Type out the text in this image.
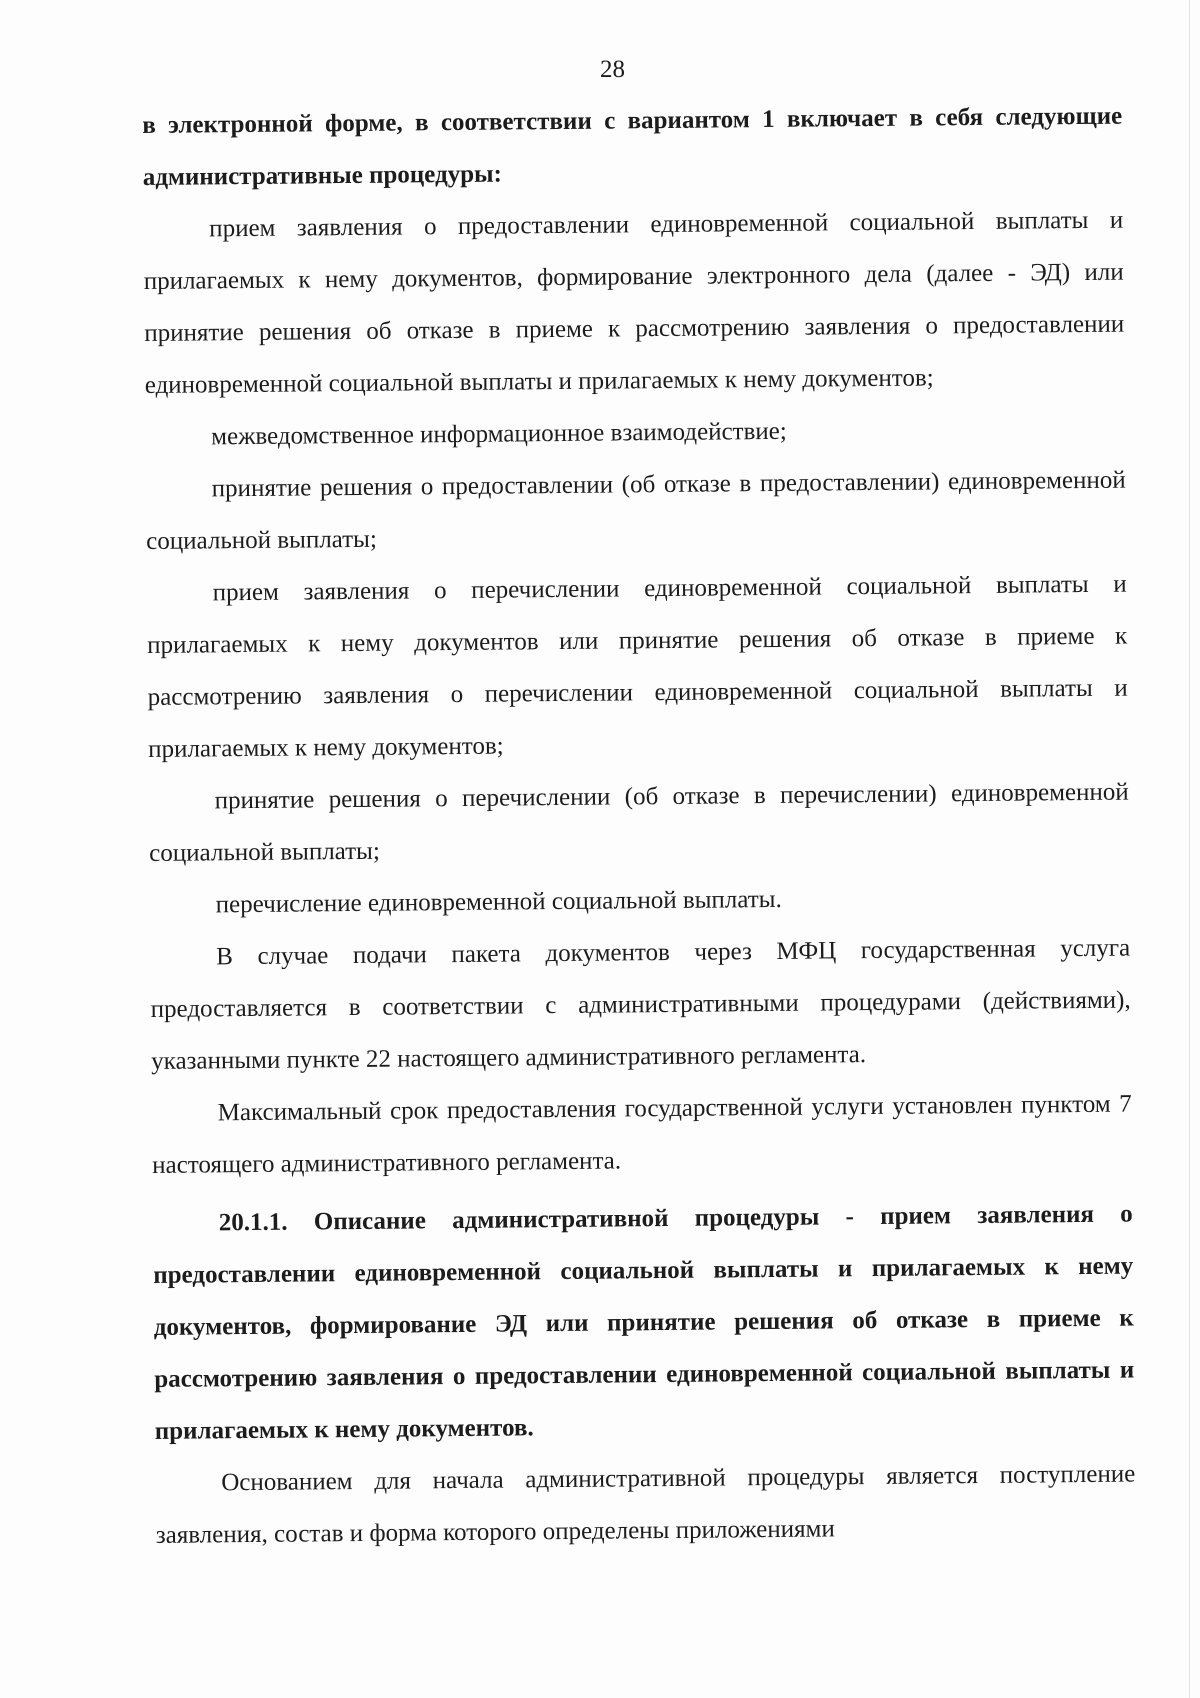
28

в электронной форме, в соответствии с вариантом 1 включает в себя следующие административные процедуры:

прием заявления о предоставлении единовременной социальной выплаты и прилагаемых к нему документов, формирование электронного дела (далее - ЭД) или принятие решения об отказе в приеме к рассмотрению заявления о предоставлении единовременной социальной выплаты и прилагаемых к нему документов;

межведомственное информационное взаимодействие;

принятие решения о предоставлении (об отказе в предоставлении) единовременной социальной выплаты;

прием заявления о перечислении единовременной социальной выплаты и прилагаемых к нему документов или принятие решения об отказе в приеме к рассмотрению заявления о перечислении единовременной социальной выплаты и прилагаемых к нему документов;

принятие решения о перечислении (об отказе в перечислении) единовременной социальной выплаты;

перечисление единовременной социальной выплаты.

В случае подачи пакета документов через МФЦ государственная услуга предоставляется в соответствии с административными процедурами (действиями), указанными пункте 22 настоящего административного регламента.

Максимальный срок предоставления государственной услуги установлен пунктом 7 настоящего административного регламента.

20.1.1. Описание административной процедуры - прием заявления о предоставлении единовременной социальной выплаты и прилагаемых к нему документов, формирование ЭД или принятие решения об отказе в приеме к рассмотрению заявления о предоставлении единовременной социальной выплаты и прилагаемых к нему документов.

Основанием для начала административной процедуры является поступление заявления, состав и форма которого определены приложениями
